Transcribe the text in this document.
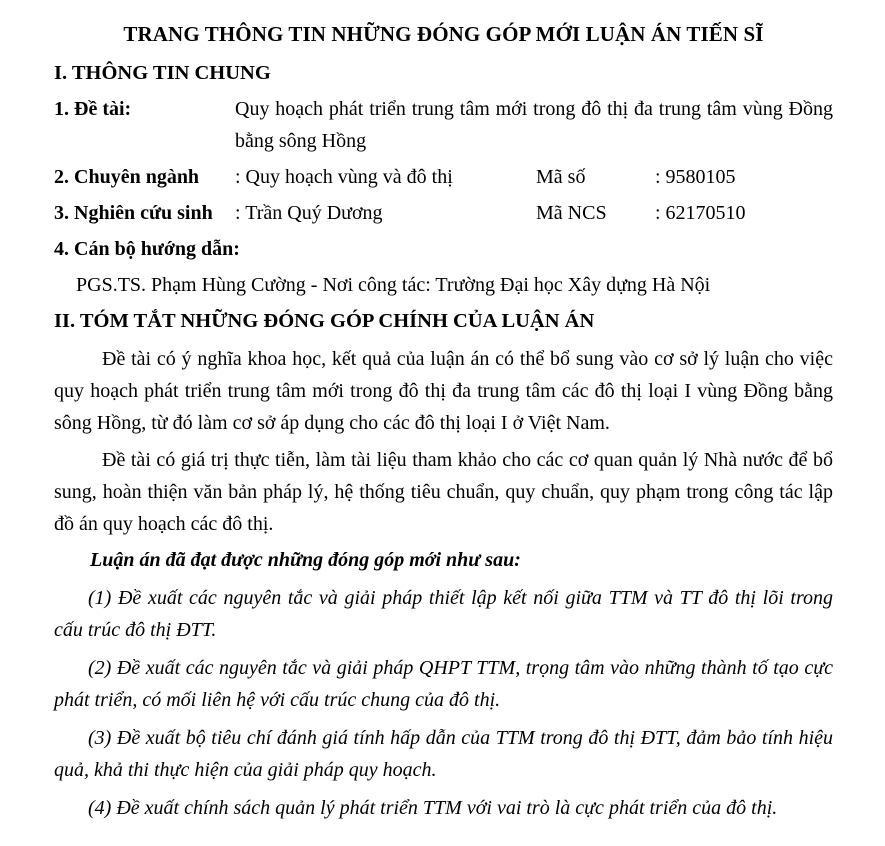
TRANG THÔNG TIN NHỮNG ĐÓNG GÓP MỚI LUẬN ÁN TIẾN SĨ
I. THÔNG TIN CHUNG
1. Đề tài:	Quy hoạch phát triển trung tâm mới trong đô thị đa trung tâm vùng Đồng bằng sông Hồng
2. Chuyên ngành	: Quy hoạch vùng và đô thị	Mã số	: 9580105
3. Nghiên cứu sinh	: Trần Quý Dương	Mã NCS	: 62170510
4. Cán bộ hướng dẫn:
PGS.TS. Phạm Hùng Cường - Nơi công tác: Trường Đại học Xây dựng Hà Nội
II. TÓM TẮT NHỮNG ĐÓNG GÓP CHÍNH CỦA LUẬN ÁN

Đề tài có ý nghĩa khoa học, kết quả của luận án có thể bổ sung vào cơ sở lý luận cho việc quy hoạch phát triển trung tâm mới trong đô thị đa trung tâm các đô thị loại I vùng Đồng bằng sông Hồng, từ đó làm cơ sở áp dụng cho các đô thị loại I ở Việt Nam.

Đề tài có giá trị thực tiễn, làm tài liệu tham khảo cho các cơ quan quản lý Nhà nước để bổ sung, hoàn thiện văn bản pháp lý, hệ thống tiêu chuẩn, quy chuẩn, quy phạm trong công tác lập đồ án quy hoạch các đô thị.

Luận án đã đạt được những đóng góp mới như sau:

(1) Đề xuất các nguyên tắc và giải pháp thiết lập kết nối giữa TTM và TT đô thị lõi trong cấu trúc đô thị ĐTT.

(2) Đề xuất các nguyên tắc và giải pháp QHPT TTM, trọng tâm vào những thành tố tạo cực phát triển, có mối liên hệ với cấu trúc chung của đô thị.

(3) Đề xuất bộ tiêu chí đánh giá tính hấp dẫn của TTM trong đô thị ĐTT, đảm bảo tính hiệu quả, khả thi thực hiện của giải pháp quy hoạch.

(4) Đề xuất chính sách quản lý phát triển TTM với vai trò là cực phát triển của đô thị.
